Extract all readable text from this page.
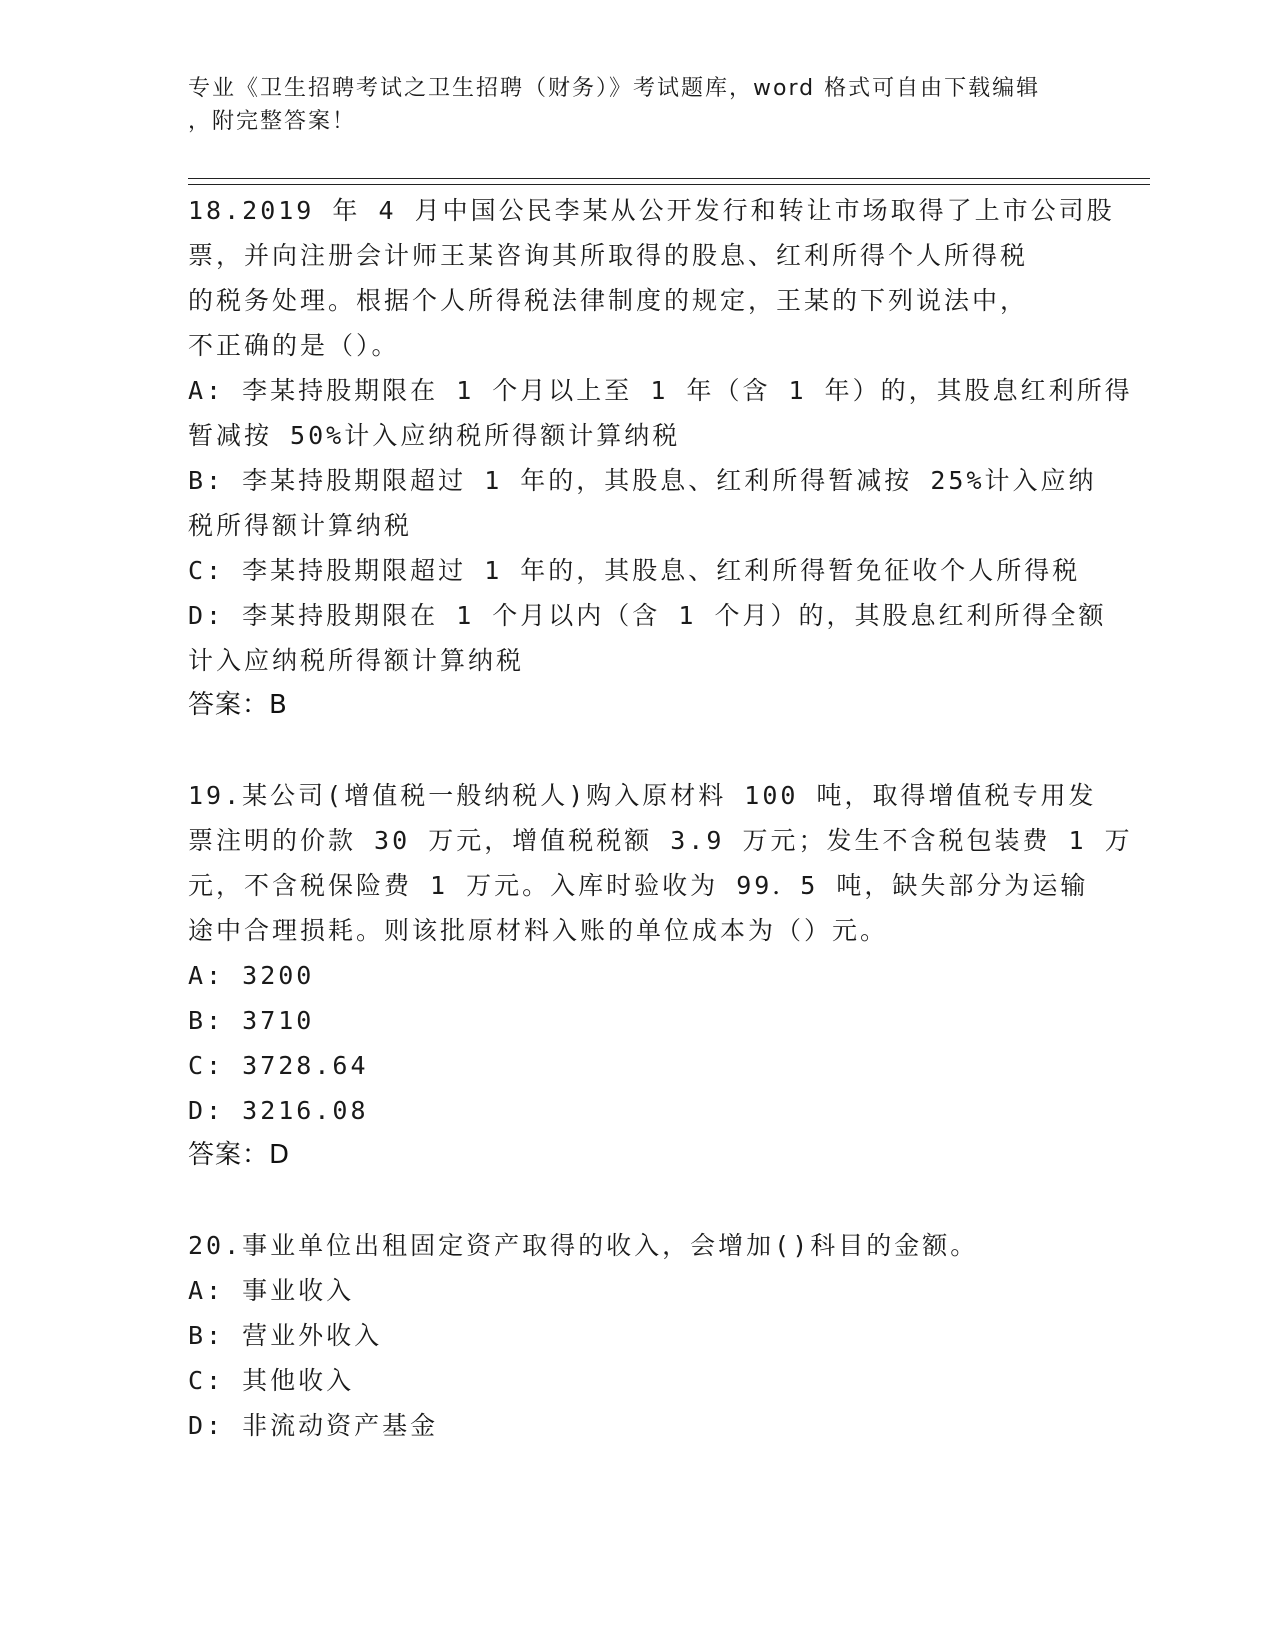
专业《卫生招聘考试之卫生招聘（财务）》考试题库，word 格式可自由下载编辑
，附完整答案！
18.2019 年 4 月中国公民李某从公开发行和转让市场取得了上市公司股
票，并向注册会计师王某咨询其所取得的股息、红利所得个人所得税
的税务处理。根据个人所得税法律制度的规定，王某的下列说法中，
不正确的是（）。
A: 李某持股期限在 1 个月以上至 1 年（含 1 年）的，其股息红利所得
暂减按 50%计入应纳税所得额计算纳税
B: 李某持股期限超过 1 年的，其股息、红利所得暂减按 25%计入应纳
税所得额计算纳税
C: 李某持股期限超过 1 年的，其股息、红利所得暂免征收个人所得税
D: 李某持股期限在 1 个月以内（含 1 个月）的，其股息红利所得全额
计入应纳税所得额计算纳税
答案：B
19.某公司(增值税一般纳税人)购入原材料 100 吨，取得增值税专用发
票注明的价款 30 万元，增值税税额 3.9 万元；发生不含税包装费 1 万
元，不含税保险费 1 万元。入库时验收为 99．5 吨，缺失部分为运输
途中合理损耗。则该批原材料入账的单位成本为（）元。
A: 3200
B: 3710
C: 3728.64
D: 3216.08
答案：D
20.事业单位出租固定资产取得的收入，会增加()科目的金额。
A: 事业收入
B: 营业外收入
C: 其他收入
D: 非流动资产基金
